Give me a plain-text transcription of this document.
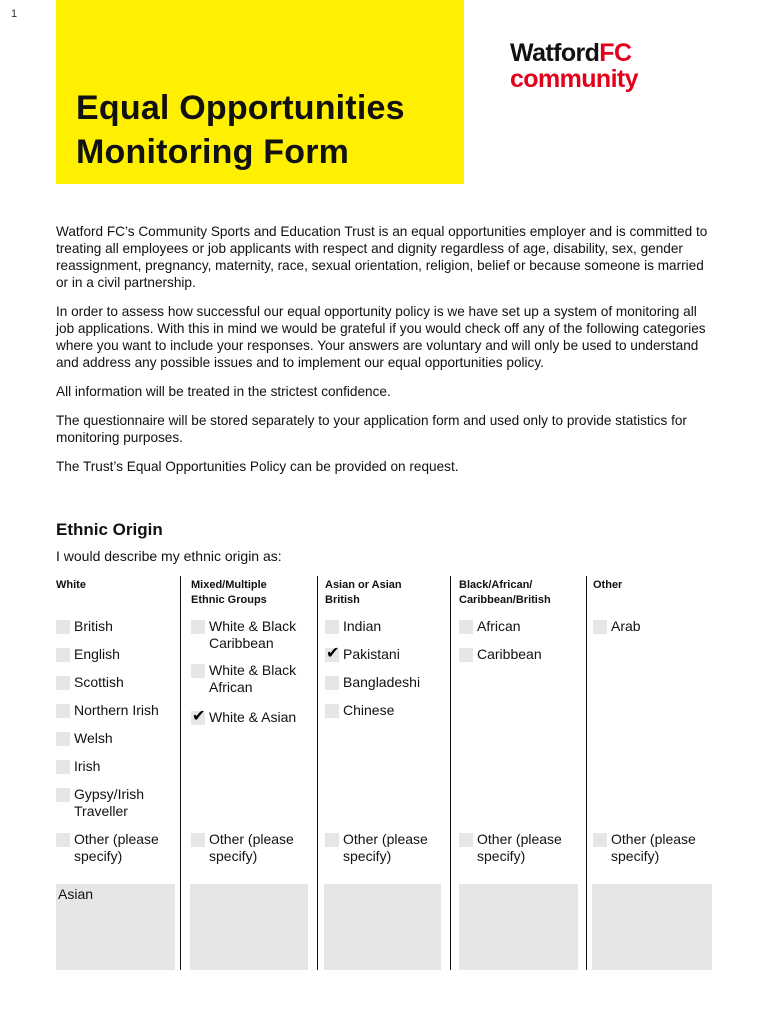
1
Equal Opportunities
Monitoring Form
WatfordFC
community

Watford FC’s Community Sports and Education Trust is an equal opportunities employer and is committed to treating all employees or job applicants with respect and dignity regardless of age, disability, sex, gender reassignment, pregnancy, maternity, race, sexual orientation, religion, belief or because someone is married or in a civil partnership.

In order to assess how successful our equal opportunity policy is we have set up a system of monitoring all job applications. With this in mind we would be grateful if you would check off any of the following categories where you want to include your responses. Your answers are voluntary and will only be used to understand and address any possible issues and to implement our equal opportunities policy.

All information will be treated in the strictest confidence.

The questionnaire will be stored separately to your application form and used only to provide statistics for monitoring purposes.

The Trust’s Equal Opportunities Policy can be provided on request.

Ethnic Origin
I would describe my ethnic origin as:
White
British
English
Scottish
Northern Irish
Welsh
Irish
Gypsy/Irish
Traveller
Other (please
specify)
Asian
Mixed/Multiple
Ethnic Groups
White & Black
Caribbean
White & Black
African
✔ White & Asian
Other (please
specify)
Asian or Asian
British
Indian
✔ Pakistani
Bangladeshi
Chinese
Other (please
specify)
Black/African/
Caribbean/British
African
Caribbean
Other (please
specify)
Other
Arab
Other (please
specify)
